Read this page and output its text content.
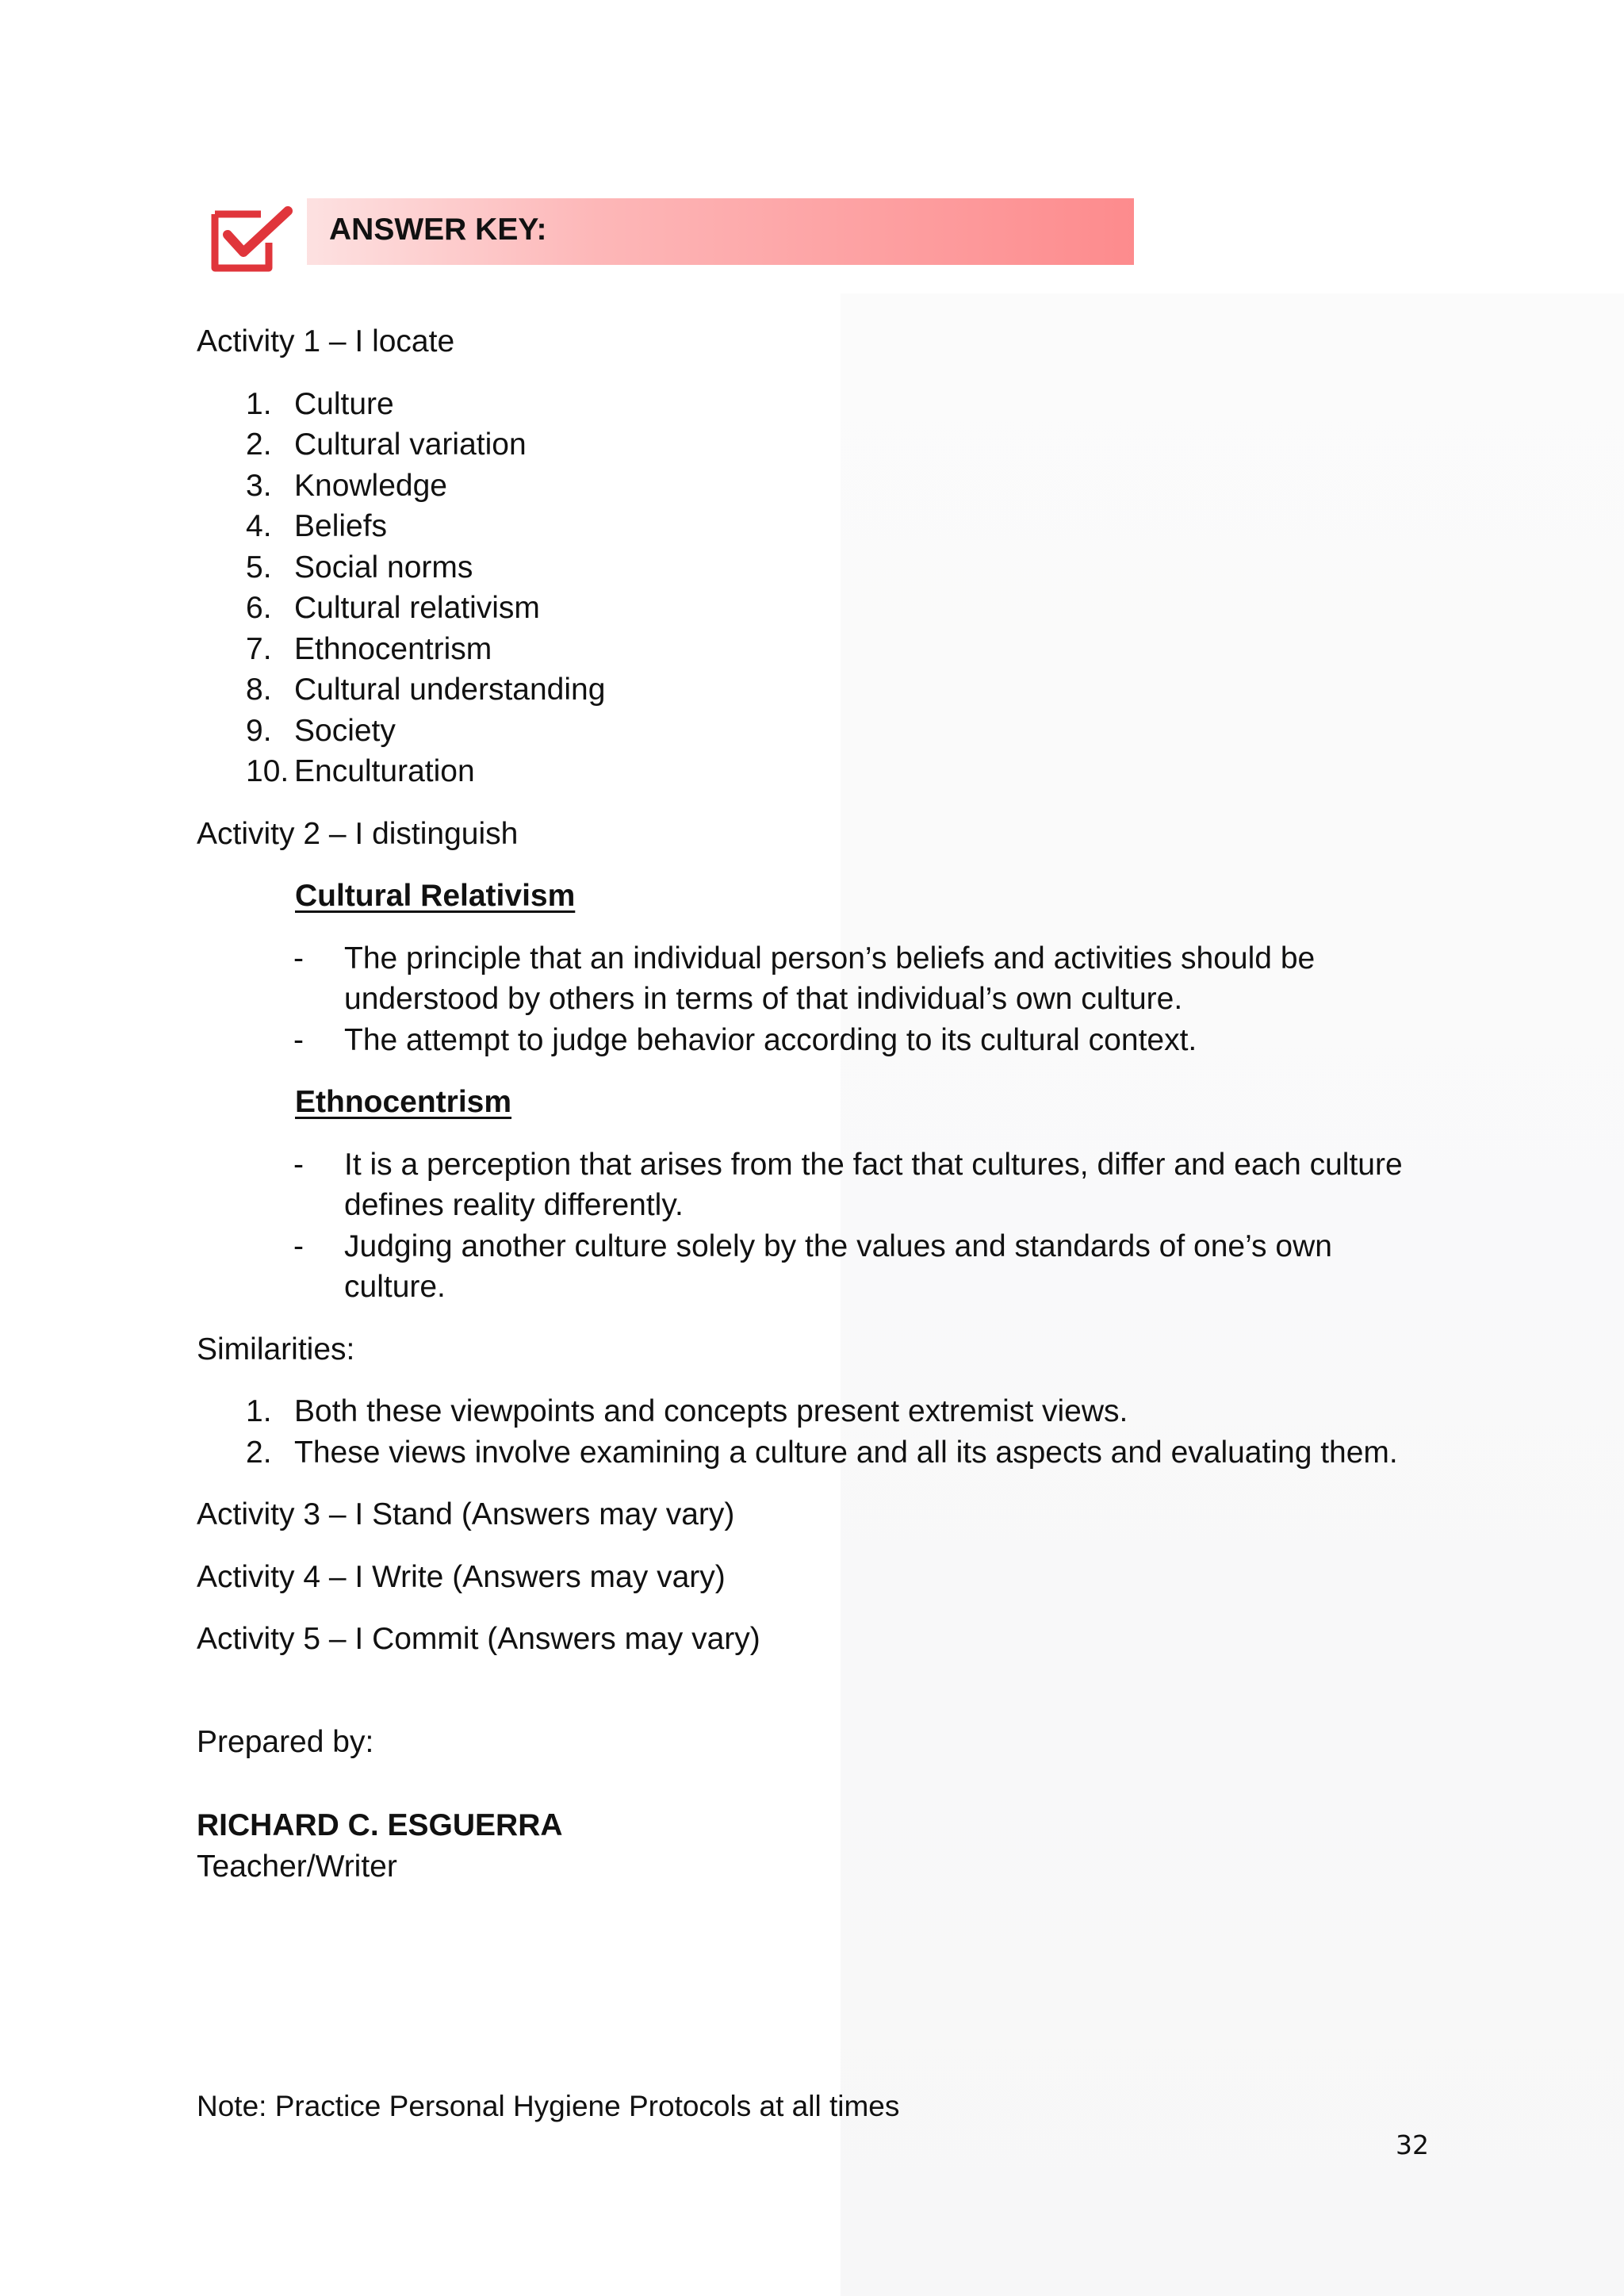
ANSWER KEY:

Activity 1 – I locate

1. Culture
2. Cultural variation
3. Knowledge
4. Beliefs
5. Social norms
6. Cultural relativism
7. Ethnocentrism
8. Cultural understanding
9. Society
10. Enculturation

Activity 2 – I distinguish

Cultural Relativism

- The principle that an individual person’s beliefs and activities should be understood by others in terms of that individual’s own culture.
- The attempt to judge behavior according to its cultural context.

Ethnocentrism

- It is a perception that arises from the fact that cultures, differ and each culture defines reality differently.
- Judging another culture solely by the values and standards of one’s own culture.

Similarities:

1. Both these viewpoints and concepts present extremist views.
2. These views involve examining a culture and all its aspects and evaluating them.

Activity 3 – I Stand (Answers may vary)

Activity 4 – I Write (Answers may vary)

Activity 5 – I Commit (Answers may vary)

Prepared by:

RICHARD C. ESGUERRA

Teacher/Writer

Note: Practice Personal Hygiene Protocols at all times
32
